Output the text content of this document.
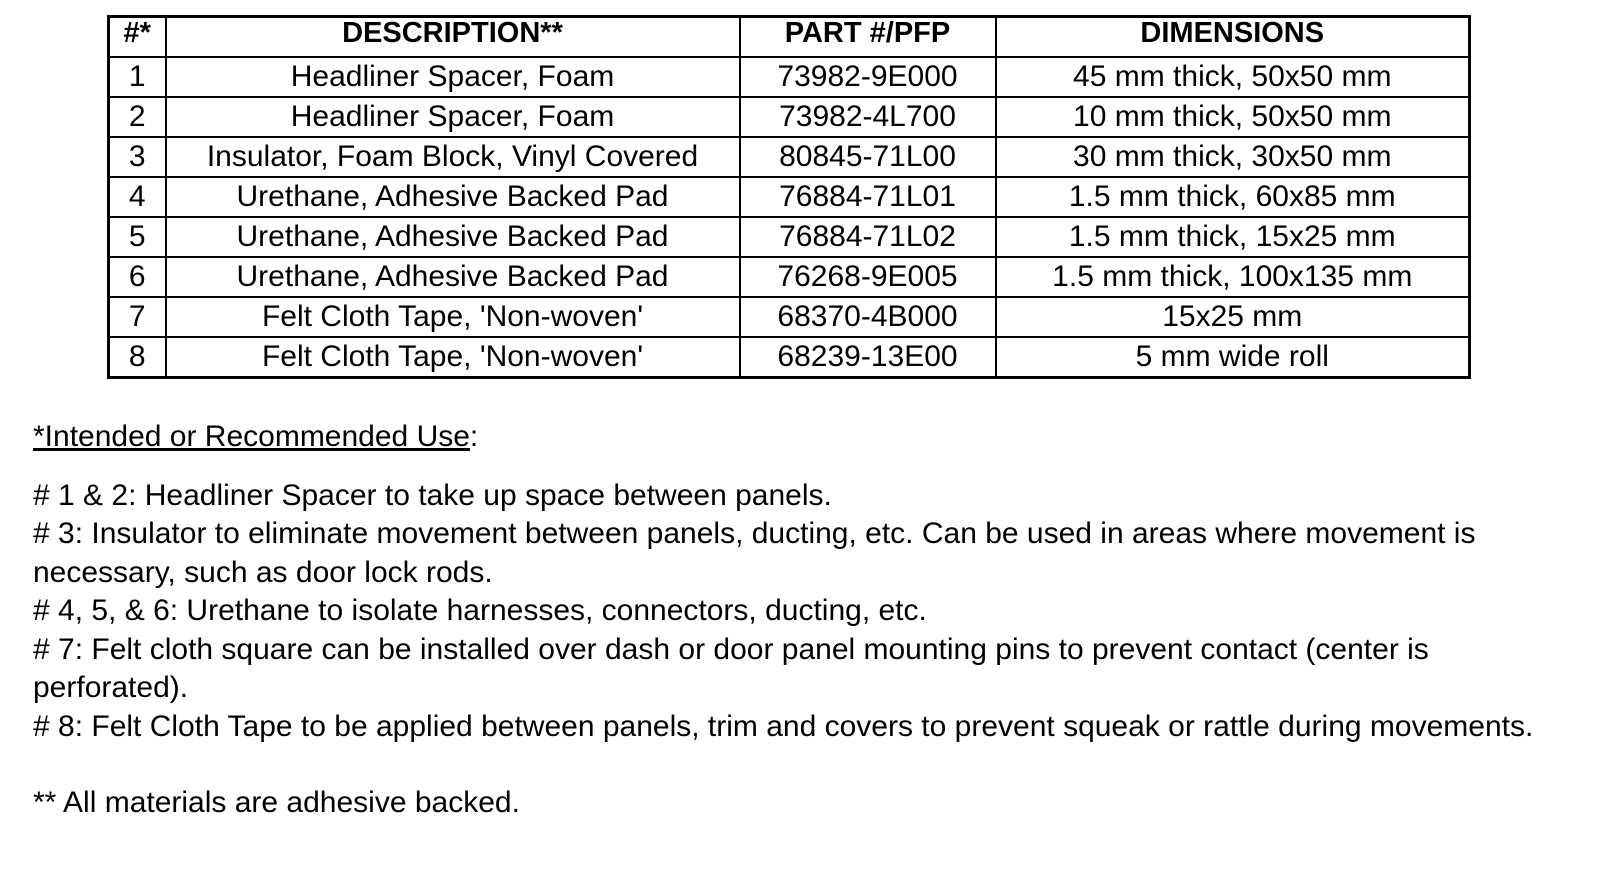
#*	DESCRIPTION**	PART #/PFP	DIMENSIONS
1	Headliner Spacer, Foam	73982-9E000	45 mm thick, 50x50 mm
2	Headliner Spacer, Foam	73982-4L700	10 mm thick, 50x50 mm
3	Insulator, Foam Block, Vinyl Covered	80845-71L00	30 mm thick, 30x50 mm
4	Urethane, Adhesive Backed Pad	76884-71L01	1.5 mm thick, 60x85 mm
5	Urethane, Adhesive Backed Pad	76884-71L02	1.5 mm thick, 15x25 mm
6	Urethane, Adhesive Backed Pad	76268-9E005	1.5 mm thick, 100x135 mm
7	Felt Cloth Tape, 'Non-woven'	68370-4B000	15x25 mm
8	Felt Cloth Tape, 'Non-woven'	68239-13E00	5 mm wide roll

*Intended or Recommended Use:

# 1 & 2: Headliner Spacer to take up space between panels.

# 3: Insulator to eliminate movement between panels, ducting, etc. Can be used in areas where movement is necessary, such as door lock rods.

# 4, 5, & 6: Urethane to isolate harnesses, connectors, ducting, etc.

# 7: Felt cloth square can be installed over dash or door panel mounting pins to prevent contact (center is perforated).

# 8: Felt Cloth Tape to be applied between panels, trim and covers to prevent squeak or rattle during movements.

** All materials are adhesive backed.
